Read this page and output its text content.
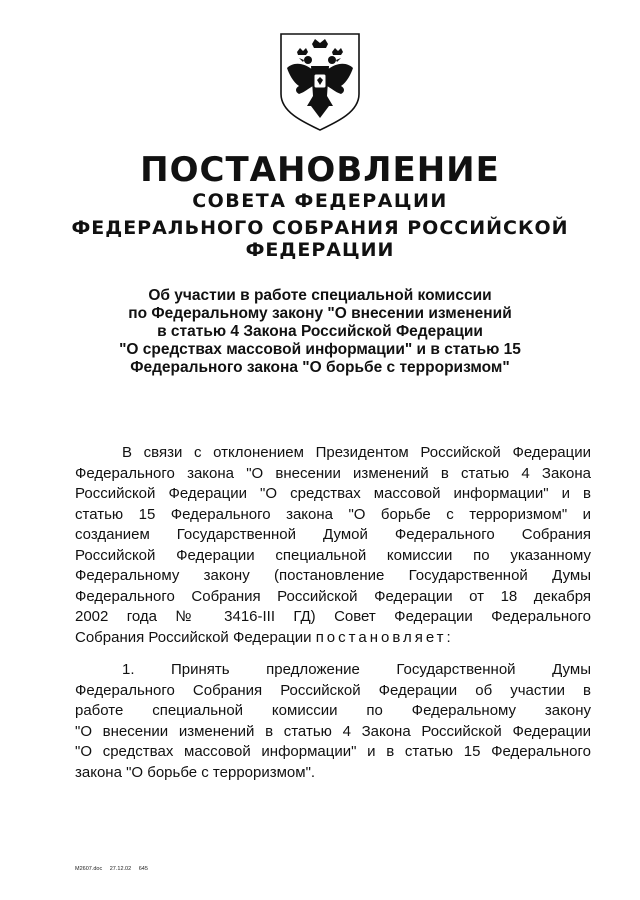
ПОСТАНОВЛЕНИЕ
СОВЕТА ФЕДЕРАЦИИ
ФЕДЕРАЛЬНОГО СОБРАНИЯ РОССИЙСКОЙ ФЕДЕРАЦИИ
Об участии в работе специальной комиссии
по Федеральному закону "О внесении изменений
в статью 4 Закона Российской Федерации
"О средствах массовой информации" и в статью 15
Федерального закона "О борьбе с терроризмом"
В связи с отклонением Президентом Российской Федерации
Федерального закона "О внесении изменений в статью 4 Закона
Российской Федерации "О средствах массовой информации" и в
статью 15 Федерального закона "О борьбе с терроризмом" и
созданием Государственной Думой Федерального Собрания
Российской Федерации специальной комиссии по указанному
Федеральному закону (постановление Государственной Думы
Федерального Собрания Российской Федерации от 18 декабря
2002 года № 3416-III ГД) Совет Федерации Федерального
Собрания Российской Федерации постановляет:
1. Принять предложение Государственной Думы
Федерального Собрания Российской Федерации об участии в
работе специальной комиссии по Федеральному закону
"О внесении изменений в статью 4 Закона Российской Федерации
"О средствах массовой информации" и в статью 15 Федерального
закона "О борьбе с терроризмом".
M2607.doc 27.12.02 645
